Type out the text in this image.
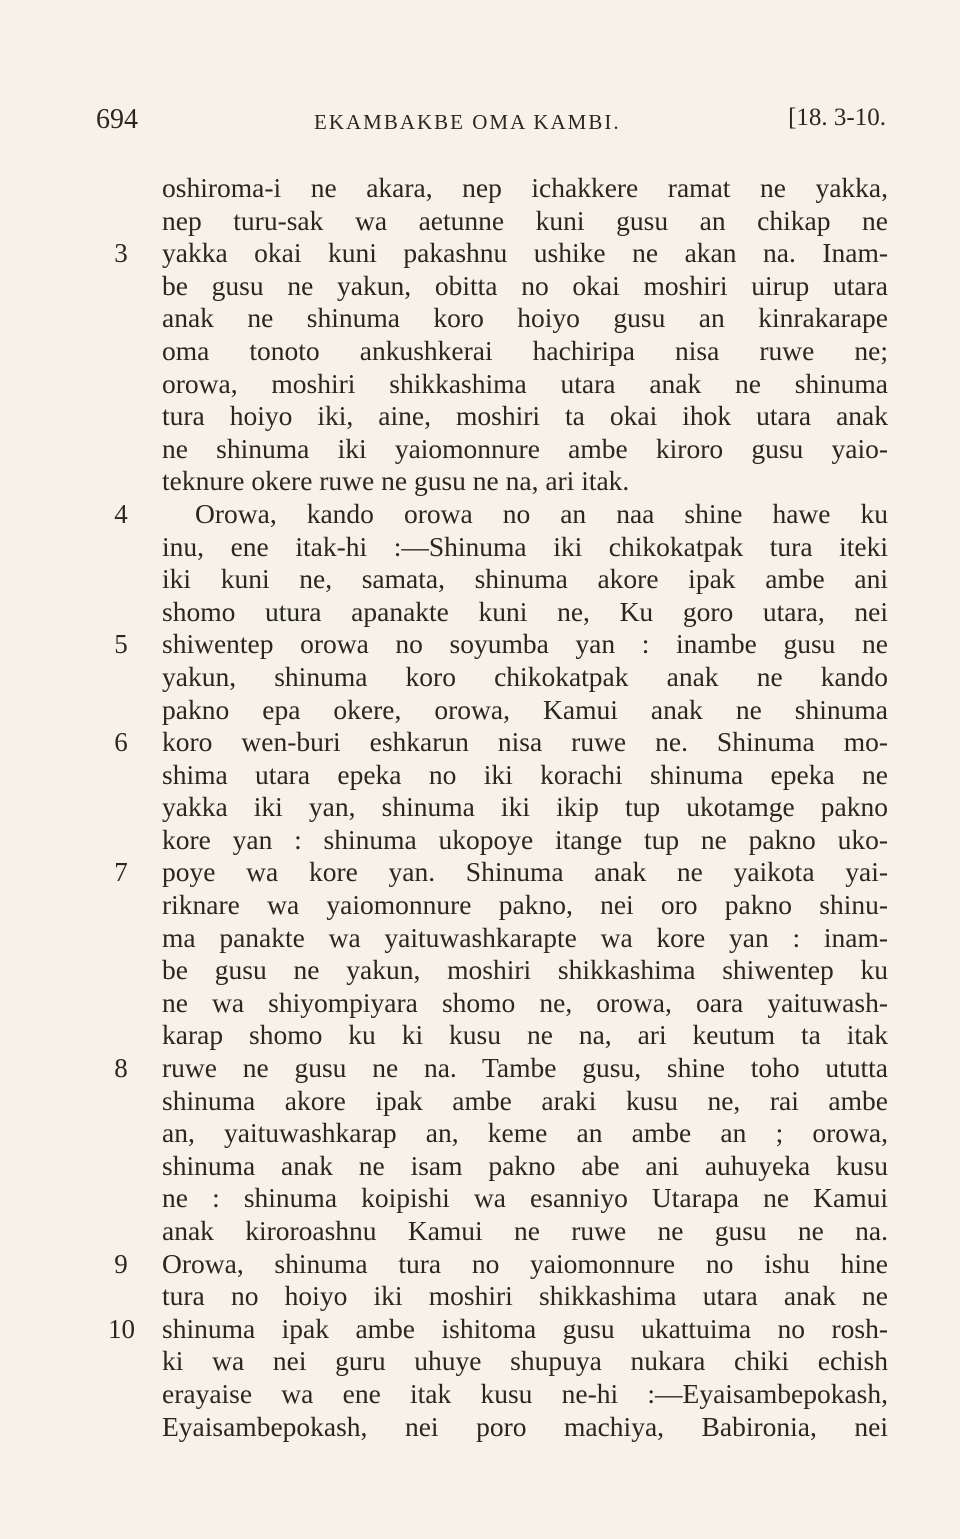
694	EKAMBAKBE OMA KAMBI.	[18. 3-10.
oshiroma-i ne akara, nep ichakkere ramat ne yakka,
nep turu-sak wa aetunne kuni gusu an chikap ne
3 yakka okai kuni pakashnu ushike ne akan na. Inam-
be gusu ne yakun, obitta no okai moshiri uirup utara
anak ne shinuma koro hoiyo gusu an kinrakarape
oma tonoto ankushkerai hachiripa nisa ruwe ne;
orowa, moshiri shikkashima utara anak ne shinuma
tura hoiyo iki, aine, moshiri ta okai ihok utara anak
ne shinuma iki yaiomonnure ambe kiroro gusu yaio-
teknure okere ruwe ne gusu ne na, ari itak.
4 Orowa, kando orowa no an naa shine hawe ku
inu, ene itak-hi :—Shinuma iki chikokatpak tura iteki
iki kuni ne, samata, shinuma akore ipak ambe ani
shomo utura apanakte kuni ne, Ku goro utara, nei
5 shiwentep orowa no soyumba yan : inambe gusu ne
yakun, shinuma koro chikokatpak anak ne kando
pakno epa okere, orowa, Kamui anak ne shinuma
6 koro wen-buri eshkarun nisa ruwe ne. Shinuma mo-
shima utara epeka no iki korachi shinuma epeka ne
yakka iki yan, shinuma iki ikip tup ukotamge pakno
kore yan : shinuma ukopoye itange tup ne pakno uko-
7 poye wa kore yan. Shinuma anak ne yaikota yai-
riknare wa yaiomonnure pakno, nei oro pakno shinu-
ma panakte wa yaituwashkarapte wa kore yan : inam-
be gusu ne yakun, moshiri shikkashima shiwentep ku
ne wa shiyompiyara shomo ne, orowa, oara yaituwash-
karap shomo ku ki kusu ne na, ari keutum ta itak
8 ruwe ne gusu ne na. Tambe gusu, shine toho ututta
shinuma akore ipak ambe araki kusu ne, rai ambe
an, yaituwashkarap an, keme an ambe an ; orowa,
shinuma anak ne isam pakno abe ani auhuyeka kusu
ne : shinuma koipishi wa esanniyo Utarapa ne Kamui
anak kiroroashnu Kamui ne ruwe ne gusu ne na.
9 Orowa, shinuma tura no yaiomonnure no ishu hine
tura no hoiyo iki moshiri shikkashima utara anak ne
10 shinuma ipak ambe ishitoma gusu ukattuima no rosh-
ki wa nei guru uhuye shupuya nukara chiki echish
erayaise wa ene itak kusu ne-hi :—Eyaisambepokash,
Eyaisambepokash, nei poro machiya, Babironia, nei
